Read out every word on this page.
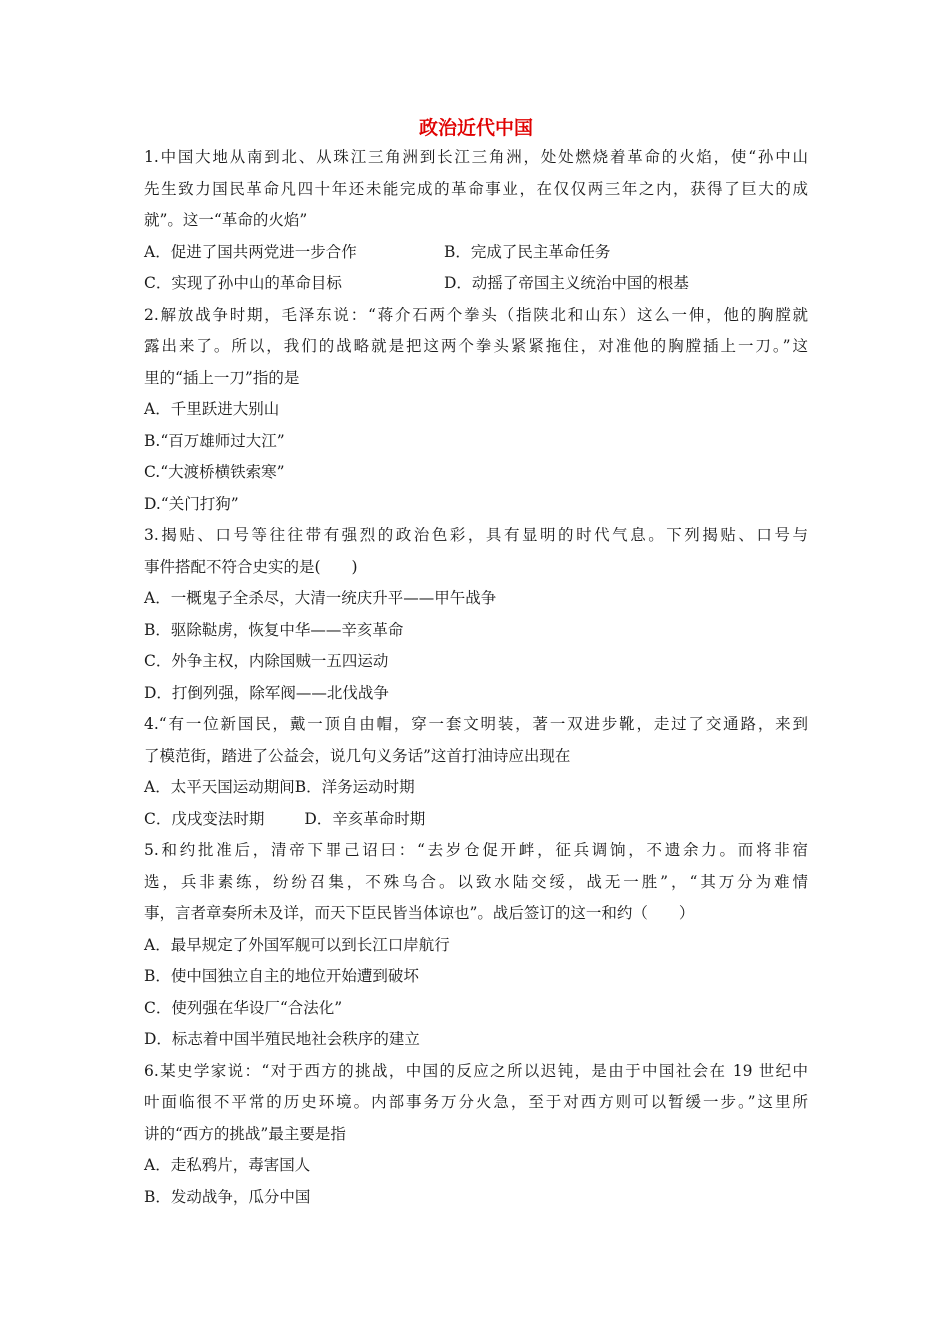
政治近代中国
1.中国大地从南到北、从珠江三角洲到长江三角洲，处处燃烧着革命的火焰，使“孙中山
先生致力国民革命凡四十年还未能完成的革命事业，在仅仅两三年之内，获得了巨大的成
就”。这一“革命的火焰”
A．促进了国共两党进一步合作	B．完成了民主革命任务
C．实现了孙中山的革命目标	D．动摇了帝国主义统治中国的根基
2.解放战争时期，毛泽东说：“蒋介石两个拳头（指陕北和山东）这么一伸，他的胸膛就
露出来了。所以，我们的战略就是把这两个拳头紧紧拖住，对准他的胸膛插上一刀。”这
里的“插上一刀”指的是
A．千里跃进大别山
B.“百万雄师过大江”
C.“大渡桥横铁索寒”
D.“关门打狗”
3.揭贴、口号等往往带有强烈的政治色彩，具有显明的时代气息。下列揭贴、口号与
事件搭配不符合史实的是(　　)
A．一概鬼子全杀尽，大清一统庆升平——甲午战争
B．驱除鞑虏，恢复中华——辛亥革命
C．外争主权，内除国贼一五四运动
D．打倒列强，除军阀——北伐战争
4.“有一位新国民，戴一顶自由帽，穿一套文明装，著一双进步靴，走过了交通路，来到
了模范街，踏进了公益会，说几句义务话”这首打油诗应出现在
A．太平天国运动期间B．洋务运动时期
C．戊戌变法时期	D．辛亥革命时期
5.和约批准后，清帝下罪己诏曰：“去岁仓促开衅，征兵调饷，不遗余力。而将非宿
选，兵非素练，纷纷召集，不殊乌合。以致水陆交绥，战无一胜”，“其万分为难情
事，言者章奏所未及详，而天下臣民皆当体谅也”。战后签订的这一和约（　　）
A．最早规定了外国军舰可以到长江口岸航行
B．使中国独立自主的地位开始遭到破坏
C．使列强在华设厂“合法化”
D．标志着中国半殖民地社会秩序的建立
6.某史学家说：“对于西方的挑战，中国的反应之所以迟钝，是由于中国社会在 19 世纪中
叶面临很不平常的历史环境。内部事务万分火急，至于对西方则可以暂缓一步。”这里所
讲的“西方的挑战”最主要是指
A．走私鸦片，毒害国人
B．发动战争，瓜分中国
